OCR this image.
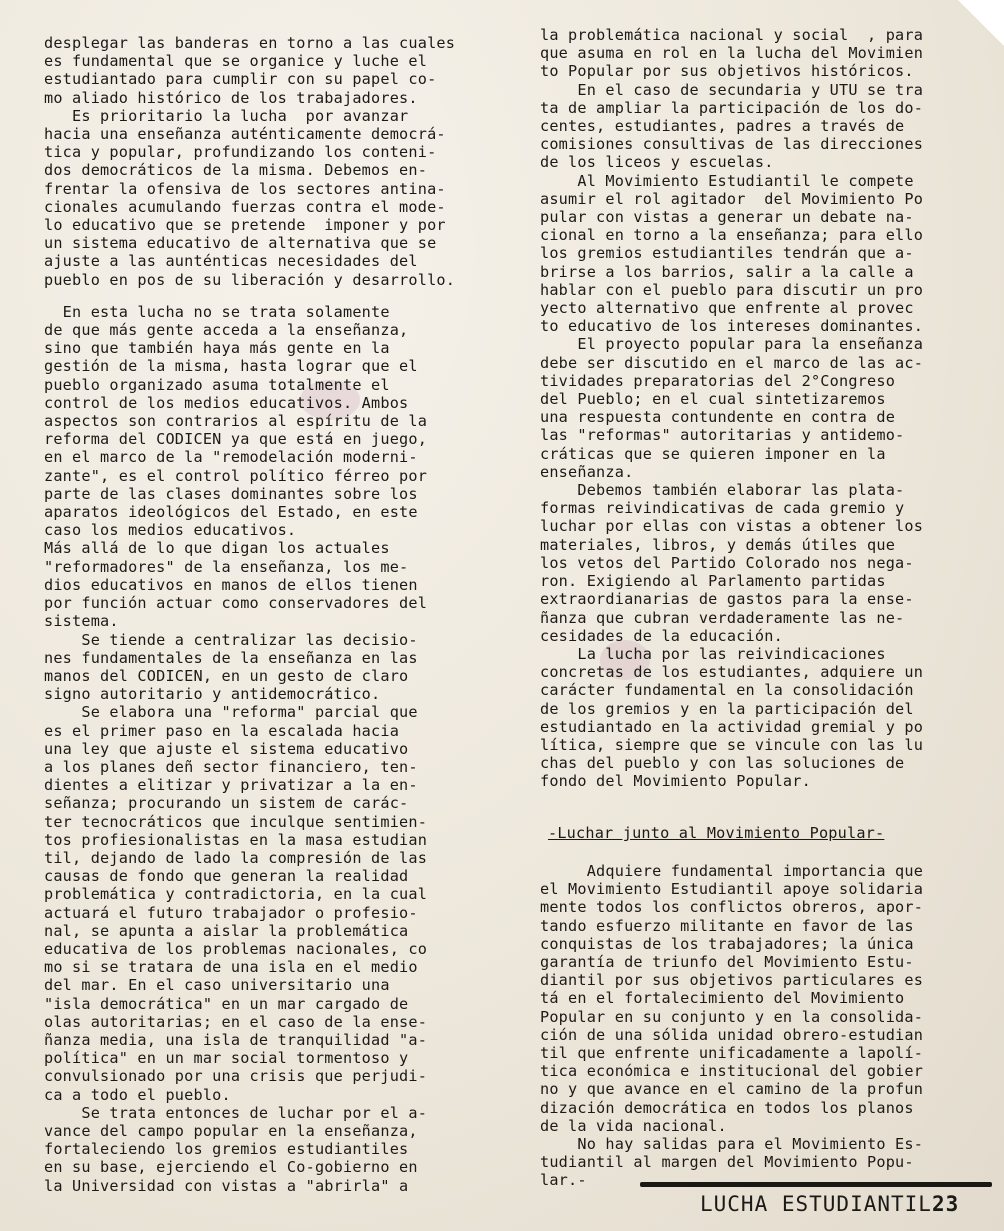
desplegar las banderas en torno a las cuales
es fundamental que se organice y luche el
estudiantado para cumplir con su papel co-
mo aliado histórico de los trabajadores.
Es prioritario la lucha  por avanzar
hacia una enseñanza auténticamente democrá-
tica y popular, profundizando los conteni-
dos democráticos de la misma. Debemos en-
frentar la ofensiva de los sectores antina-
cionales acumulando fuerzas contra el mode-
lo educativo que se pretende  imponer y por
un sistema educativo de alternativa que se
ajuste a las aunténticas necesidades del
pueblo en pos de su liberación y desarrollo.
En esta lucha no se trata solamente
de que más gente acceda a la enseñanza,
sino que también haya más gente en la
gestión de la misma, hasta lograr que el
pueblo organizado asuma totalmente el
control de los medios educativos. Ambos
aspectos son contrarios al espíritu de la
reforma del CODICEN ya que está en juego,
en el marco de la "remodelación moderni-
zante", es el control político férreo por
parte de las clases dominantes sobre los
aparatos ideológicos del Estado, en este
caso los medios educativos.
Más allá de lo que digan los actuales
"reformadores" de la enseñanza, los me-
dios educativos en manos de ellos tienen
por función actuar como conservadores del
sistema.
Se tiende a centralizar las decisio-
nes fundamentales de la enseñanza en las
manos del CODICEN, en un gesto de claro
signo autoritario y antidemocrático.
Se elabora una "reforma" parcial que
es el primer paso en la escalada hacia
una ley que ajuste el sistema educativo
a los planes deñ sector financiero, ten-
dientes a elitizar y privatizar a la en-
señanza; procurando un sistem de carác-
ter tecnocráticos que inculque sentimien-
tos profiesionalistas en la masa estudian
til, dejando de lado la compresión de las
causas de fondo que generan la realidad
problemática y contradictoria, en la cual
actuará el futuro trabajador o profesio-
nal, se apunta a aislar la problemática
educativa de los problemas nacionales, co
mo si se tratara de una isla en el medio
del mar. En el caso universitario una
"isla democrática" en un mar cargado de
olas autoritarias; en el caso de la ense-
ñanza media, una isla de tranquilidad "a-
política" en un mar social tormentoso y
convulsionado por una crisis que perjudi-
ca a todo el pueblo.
Se trata entonces de luchar por el a-
vance del campo popular en la enseñanza,
fortaleciendo los gremios estudiantiles
en su base, ejerciendo el Co-gobierno en
la Universidad con vistas a "abrirla" a
la problemática nacional y social  , para
que asuma en rol en la lucha del Movimien
to Popular por sus objetivos históricos.
En el caso de secundaria y UTU se tra
ta de ampliar la participación de los do-
centes, estudiantes, padres a través de
comisiones consultivas de las direcciones
de los liceos y escuelas.
Al Movimiento Estudiantil le compete
asumir el rol agitador  del Movimiento Po
pular con vistas a generar un debate na-
cional en torno a la enseñanza; para ello
los gremios estudiantiles tendrán que a-
brirse a los barrios, salir a la calle a
hablar con el pueblo para discutir un pro
yecto alternativo que enfrente al provec
to educativo de los intereses dominantes.
El proyecto popular para la enseñanza
debe ser discutido en el marco de las ac-
tividades preparatorias del 2°Congreso
del Pueblo; en el cual sintetizaremos
una respuesta contundente en contra de
las "reformas" autoritarias y antidemo-
cráticas que se quieren imponer en la
enseñanza.
Debemos también elaborar las plata-
formas reivindicativas de cada gremio y
luchar por ellas con vistas a obtener los
materiales, libros, y demás útiles que
los vetos del Partido Colorado nos nega-
ron. Exigiendo al Parlamento partidas
extraordianarias de gastos para la ense-
ñanza que cubran verdaderamente las ne-
cesidades de la educación.
La lucha por las reivindicaciones
concretas de los estudiantes, adquiere un
carácter fundamental en la consolidación
de los gremios y en la participación del
estudiantado en la actividad gremial y po
lítica, siempre que se vincule con las lu
chas del pueblo y con las soluciones de
fondo del Movimiento Popular.
-Luchar junto al Movimiento Popular-
Adquiere fundamental importancia que
el Movimiento Estudiantil apoye solidaria
mente todos los conflictos obreros, apor-
tando esfuerzo militante en favor de las
conquistas de los trabajadores; la única
garantía de triunfo del Movimiento Estu-
diantil por sus objetivos particulares es
tá en el fortalecimiento del Movimiento
Popular en su conjunto y en la consolida-
ción de una sólida unidad obrero-estudian
til que enfrente unificadamente a lapolí-
tica económica e institucional del gobier
no y que avance en el camino de la profun
dización democrática en todos los planos
de la vida nacional.
No hay salidas para el Movimiento Es-
tudiantil al margen del Movimiento Popu-
lar.-
LUCHA ESTUDIANTIL23
